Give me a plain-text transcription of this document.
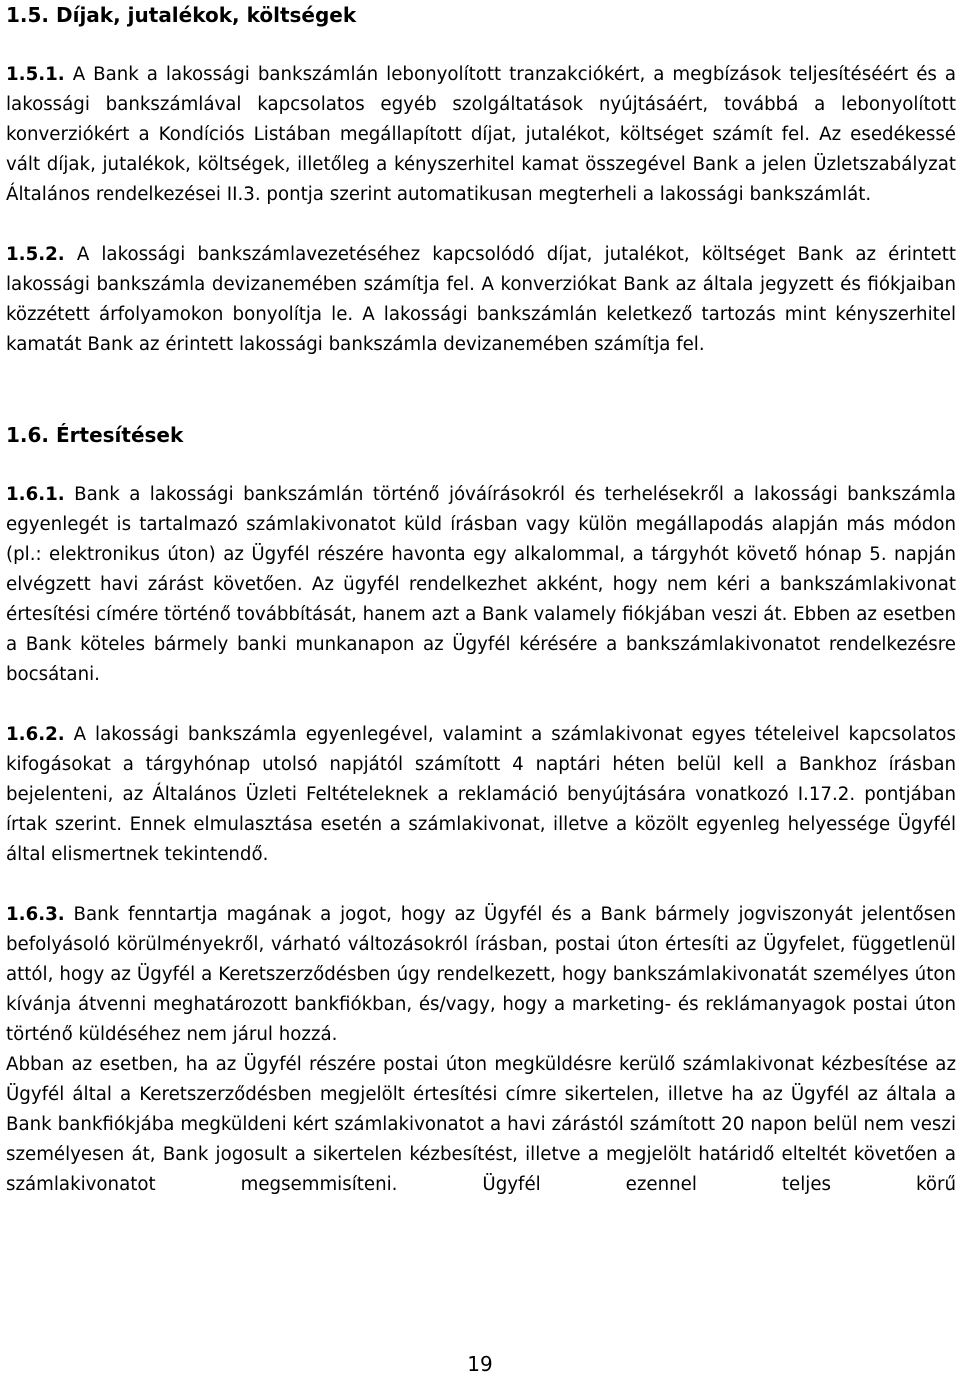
1.5. Díjak, jutalékok, költségek

1.5.1. A Bank a lakossági bankszámlán lebonyolított tranzakciókért, a megbízások teljesítéséért és a lakossági bankszámlával kapcsolatos egyéb szolgáltatások nyújtásáért, továbbá a lebonyolított konverziókért a Kondíciós Listában megállapított díjat, jutalékot, költséget számít fel. Az esedékessé vált díjak, jutalékok, költségek, illetőleg a kényszerhitel kamat összegével Bank a jelen Üzletszabályzat Általános rendelkezései II.3. pontja szerint automatikusan megterheli a lakossági bankszámlát.

1.5.2. A lakossági bankszámlavezetéséhez kapcsolódó díjat, jutalékot, költséget Bank az érintett lakossági bankszámla devizanemében számítja fel. A konverziókat Bank az általa jegyzett és fiókjaiban közzétett árfolyamokon bonyolítja le. A lakossági bankszámlán keletkező tartozás mint kényszerhitel kamatát Bank az érintett lakossági bankszámla devizanemében számítja fel.

1.6. Értesítések

1.6.1. Bank a lakossági bankszámlán történő jóváírásokról és terhelésekről a lakossági bankszámla egyenlegét is tartalmazó számlakivonatot küld írásban vagy külön megállapodás alapján más módon (pl.: elektronikus úton) az Ügyfél részére havonta egy alkalommal, a tárgyhót követő hónap 5. napján elvégzett havi zárást követően. Az ügyfél rendelkezhet akként, hogy nem kéri a bankszámlakivonat értesítési címére történő továbbítását, hanem azt a Bank valamely fiókjában veszi át. Ebben az esetben a Bank köteles bármely banki munkanapon az Ügyfél kérésére a bankszámlakivonatot rendelkezésre bocsátani.

1.6.2. A lakossági bankszámla egyenlegével, valamint a számlakivonat egyes tételeivel kapcsolatos kifogásokat a tárgyhónap utolsó napjától számított 4 naptári héten belül kell a Bankhoz írásban bejelenteni, az Általános Üzleti Feltételeknek a reklamáció benyújtására vonatkozó I.17.2. pontjában írtak szerint. Ennek elmulasztása esetén a számlakivonat, illetve a közölt egyenleg helyessége Ügyfél által elismertnek tekintendő.

1.6.3. Bank fenntartja magának a jogot, hogy az Ügyfél és a Bank bármely jogviszonyát jelentősen befolyásoló körülményekről, várható változásokról írásban, postai úton értesíti az Ügyfelet, függetlenül attól, hogy az Ügyfél a Keretszerződésben úgy rendelkezett, hogy bankszámlakivonatát személyes úton kívánja átvenni meghatározott bankfiókban, és/vagy, hogy a marketing- és reklámanyagok postai úton történő küldéséhez nem járul hozzá.

Abban az esetben, ha az Ügyfél részére postai úton megküldésre kerülő számlakivonat kézbesítése az Ügyfél által a Keretszerződésben megjelölt értesítési címre sikertelen, illetve ha az Ügyfél az általa a Bank bankfiókjába megküldeni kért számlakivonatot a havi zárástól számított 20 napon belül nem veszi személyesen át, Bank jogosult a sikertelen kézbesítést, illetve a megjelölt határidő elteltét követően a számlakivonatot megsemmisíteni. Ügyfél ezennel teljes körű

19
